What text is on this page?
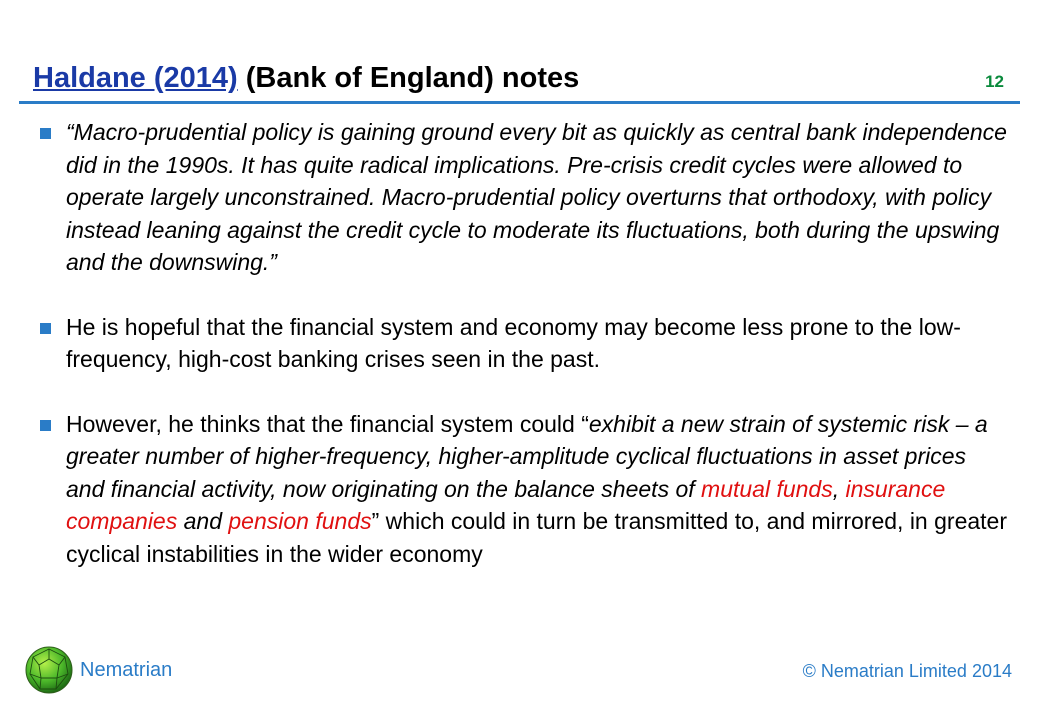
Haldane (2014) (Bank of England) notes	12
“Macro-prudential policy is gaining ground every bit as quickly as central bank independence did in the 1990s. It has quite radical implications. Pre-crisis credit cycles were allowed to operate largely unconstrained. Macro-prudential policy overturns that orthodoxy, with policy instead leaning against the credit cycle to moderate its fluctuations, both during the upswing and the downswing.”
He is hopeful that the financial system and economy may become less prone to the low-frequency, high-cost banking crises seen in the past.
However, he thinks that the financial system could “exhibit a new strain of systemic risk – a greater number of higher-frequency, higher-amplitude cyclical fluctuations in asset prices and financial activity, now originating on the balance sheets of mutual funds, insurance companies and pension funds” which could in turn be transmitted to, and mirrored, in greater cyclical instabilities in the wider economy
Nematrian	© Nematrian Limited 2014
